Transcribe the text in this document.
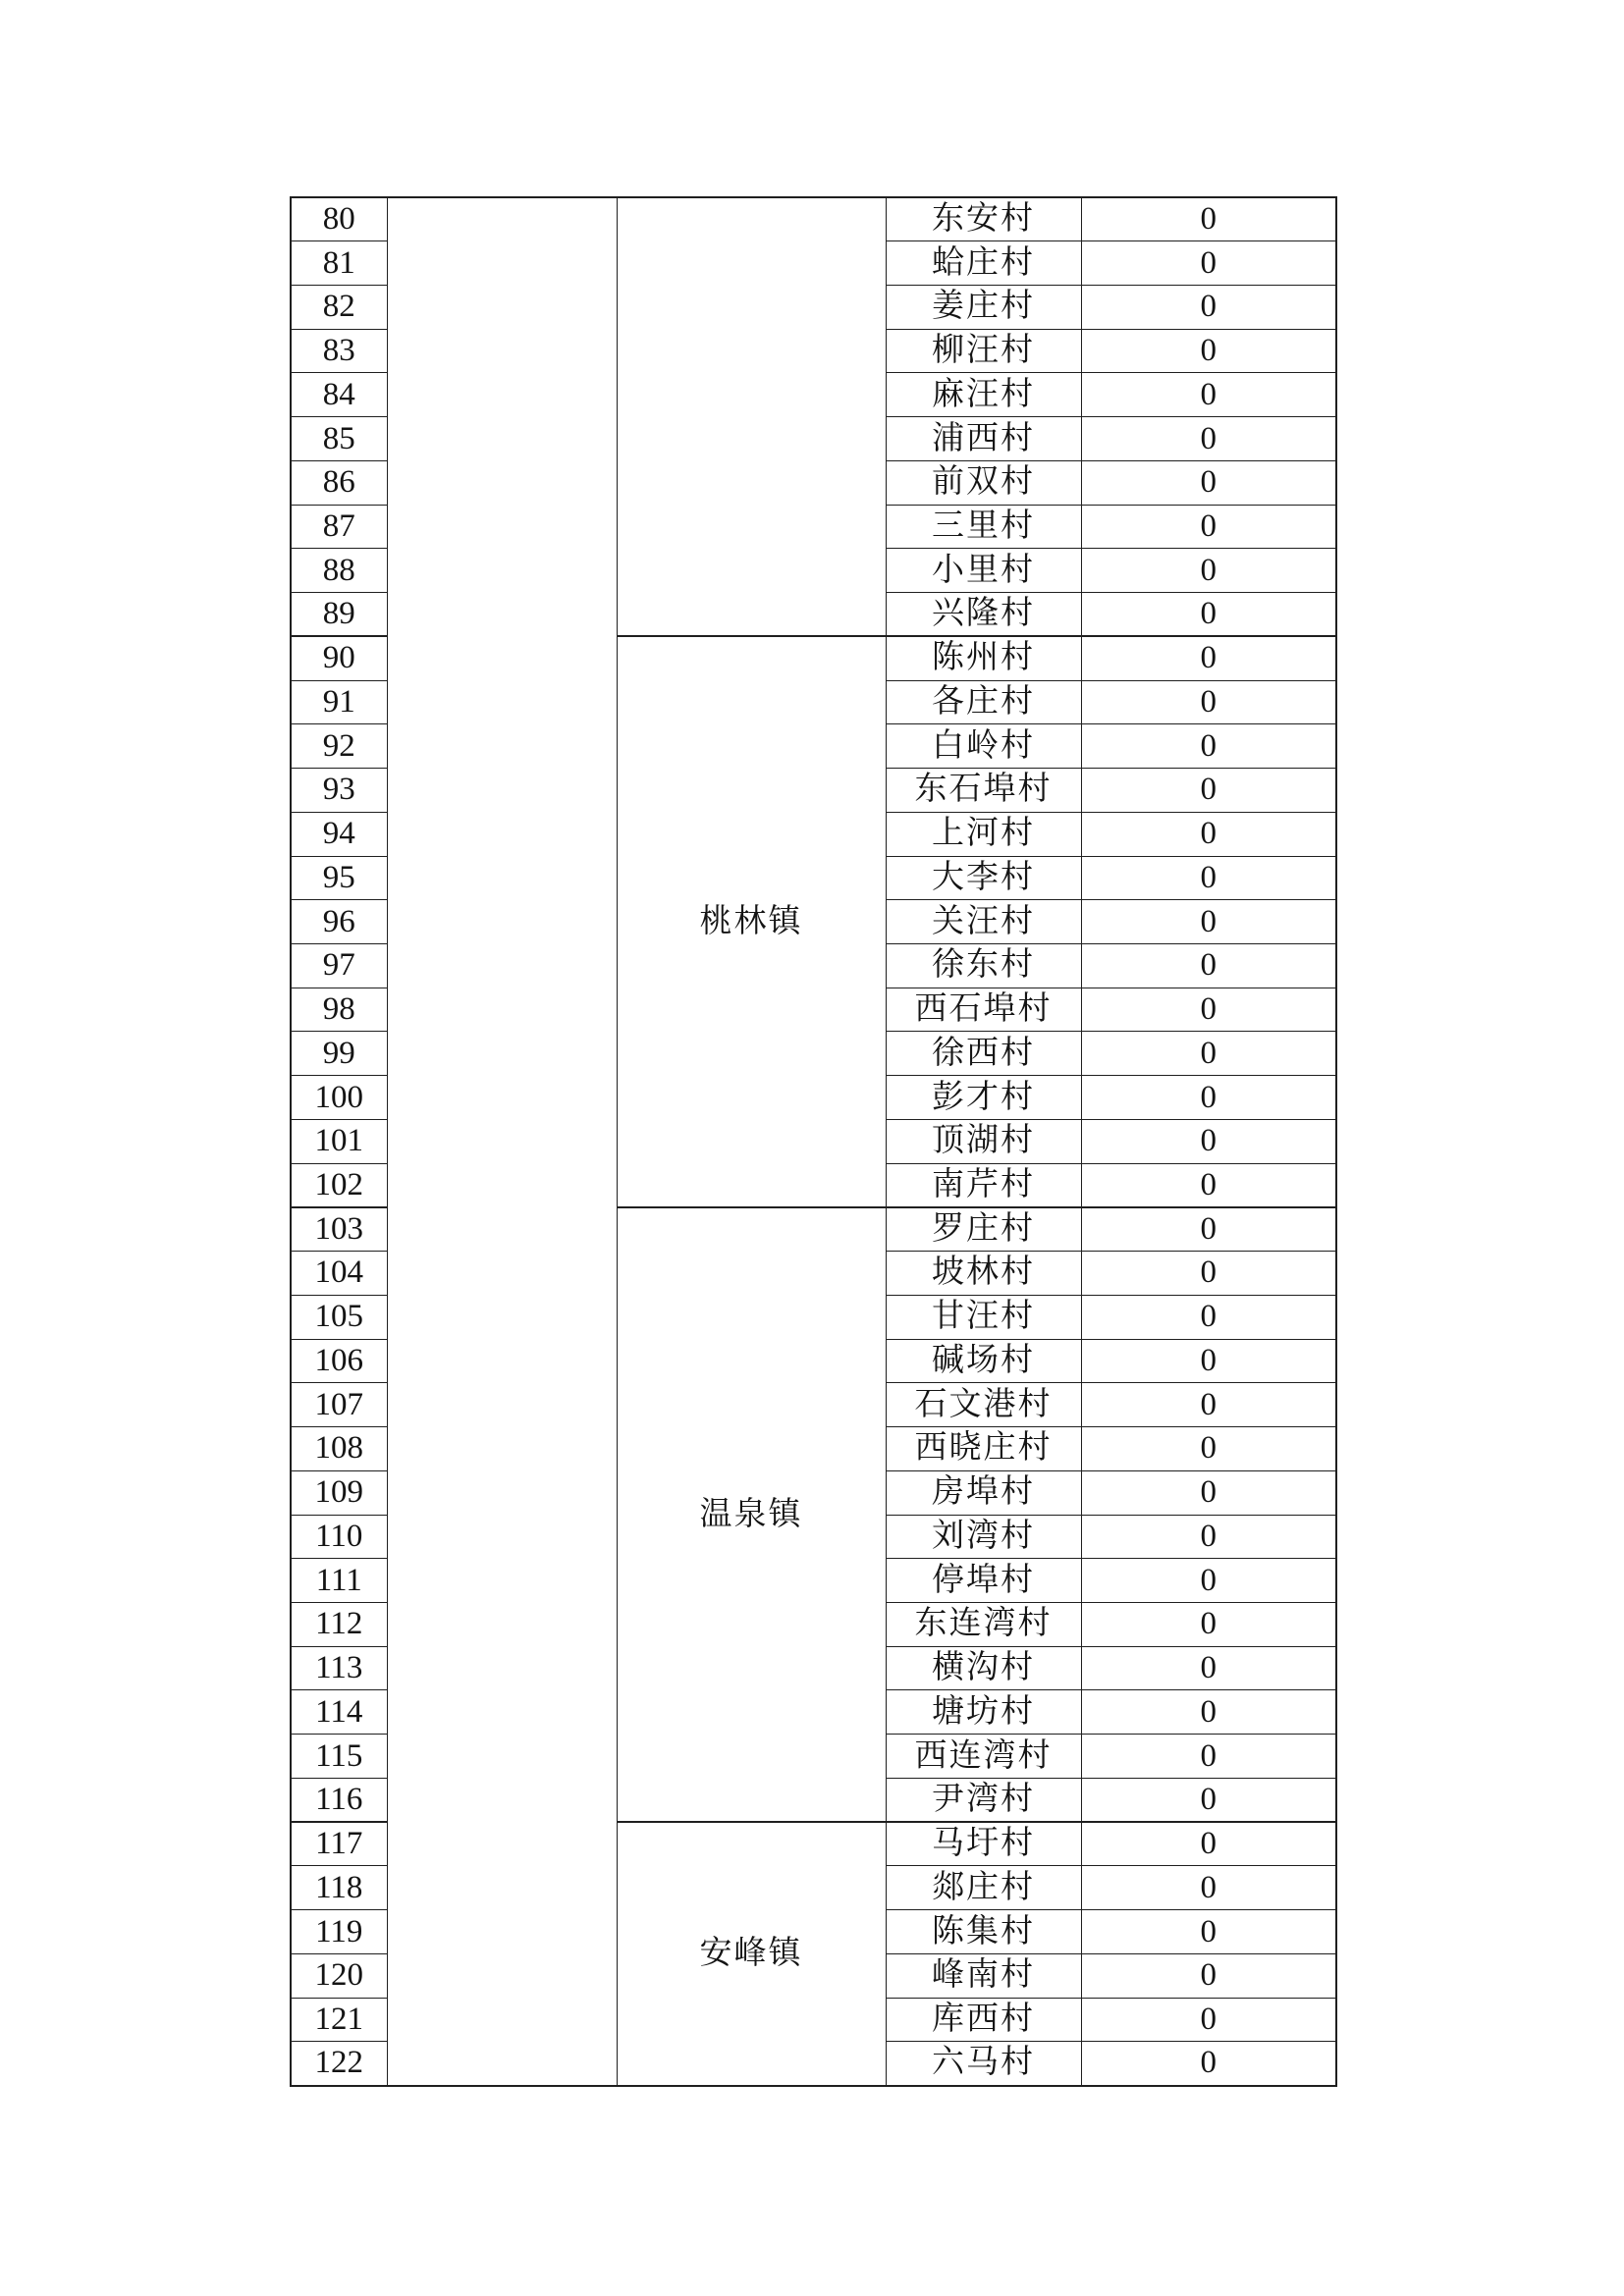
80			东安村	0
81			蛤庄村	0
82			姜庄村	0
83			柳汪村	0
84			麻汪村	0
85			浦西村	0
86			前双村	0
87			三里村	0
88			小里村	0
89			兴隆村	0
90		桃林镇	陈州村	0
91			各庄村	0
92			白岭村	0
93			东石埠村	0
94			上河村	0
95			大李村	0
96			关汪村	0
97			徐东村	0
98			西石埠村	0
99			徐西村	0
100			彭才村	0
101			顶湖村	0
102			南芹村	0
103		温泉镇	罗庄村	0
104			坡林村	0
105			甘汪村	0
106			碱场村	0
107			石文港村	0
108			西晓庄村	0
109			房埠村	0
110			刘湾村	0
111			停埠村	0
112			东连湾村	0
113			横沟村	0
114			塘坊村	0
115			西连湾村	0
116			尹湾村	0
117		安峰镇	马圩村	0
118			郯庄村	0
119			陈集村	0
120			峰南村	0
121			库西村	0
122			六马村	0
